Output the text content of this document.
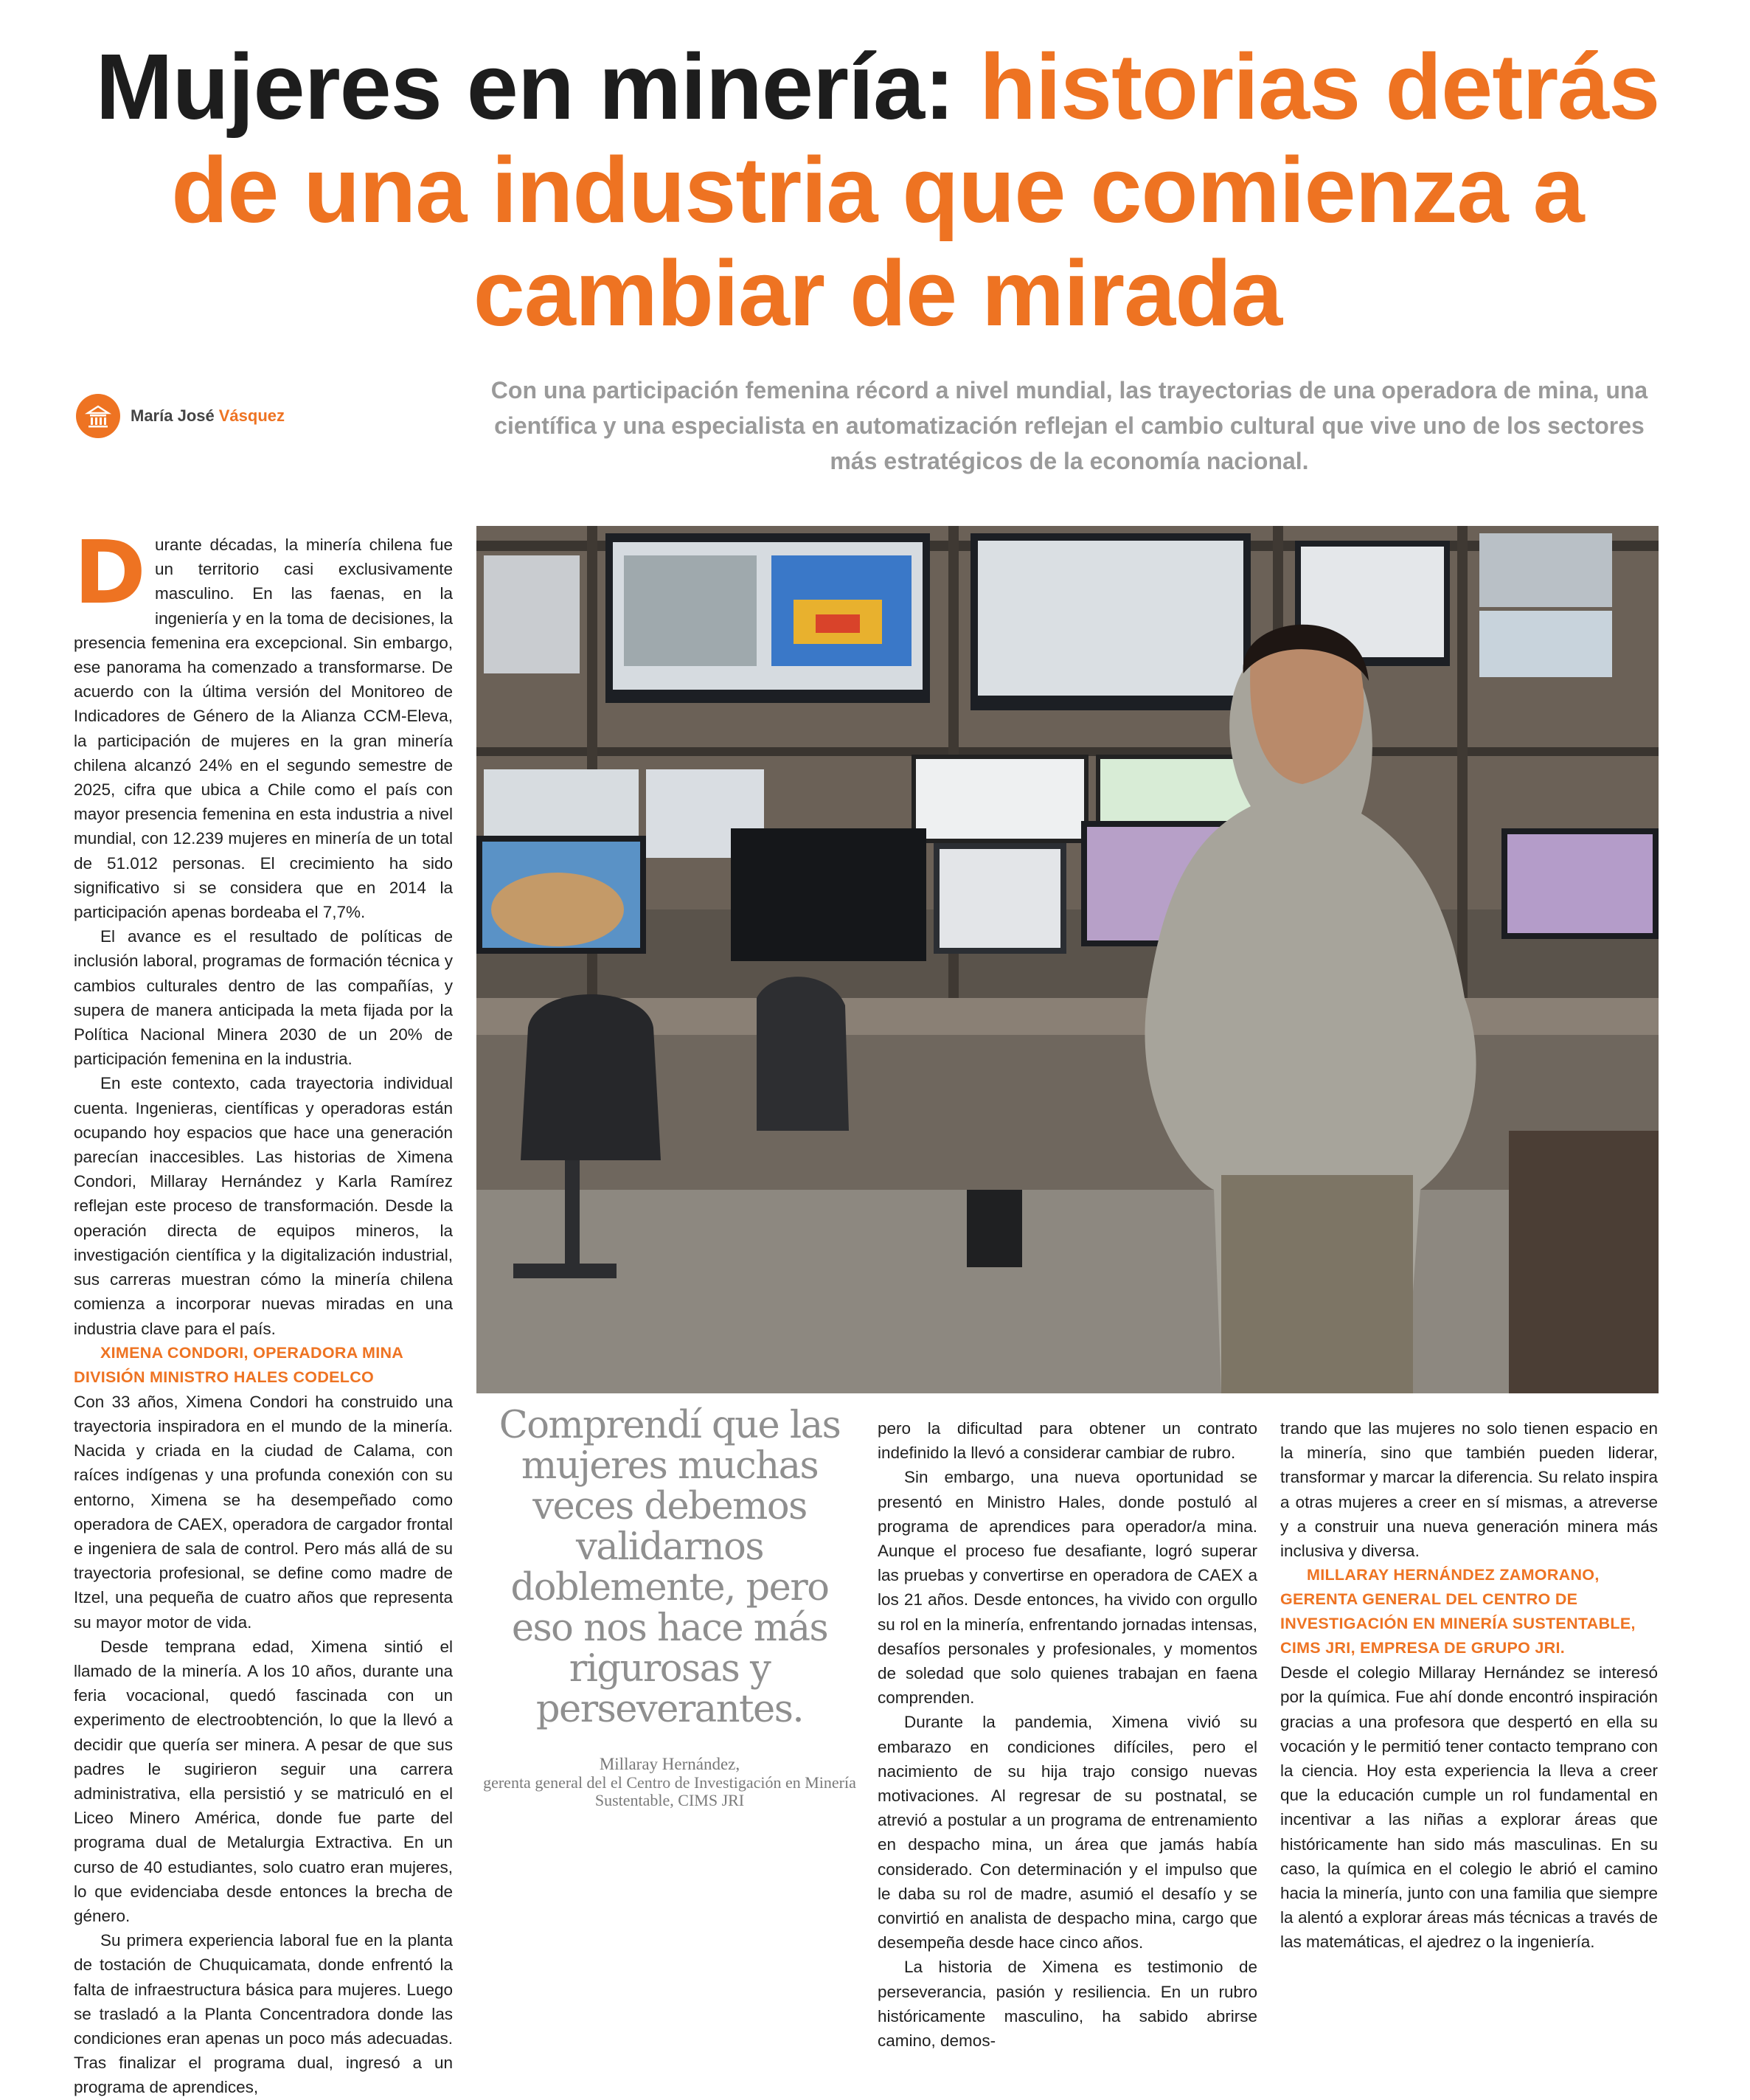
Mujeres en minería: historias detrás de una industria que comienza a cambiar de mirada
María José Vásquez

Con una participación femenina récord a nivel mundial, las trayectorias de una operadora de mina, una científica y una especialista en automatización reflejan el cambio cultural que vive uno de los sectores más estratégicos de la economía nacional.

Durante décadas, la minería chilena fue un territorio casi exclusivamente masculino. En las faenas, en la ingeniería y en la toma de decisiones, la presencia femenina era excepcional. Sin embargo, ese panorama ha comenzado a transformarse. De acuerdo con la última versión del Monitoreo de Indicadores de Género de la Alianza CCM-Eleva, la participación de mujeres en la gran minería chilena alcanzó 24% en el segundo semestre de 2025, cifra que ubica a Chile como el país con mayor presencia femenina en esta industria a nivel mundial, con 12.239 mujeres en minería de un total de 51.012 personas. El crecimiento ha sido significativo si se considera que en 2014 la participación apenas bordeaba el 7,7%.

El avance es el resultado de políticas de inclusión laboral, programas de formación técnica y cambios culturales dentro de las compañías, y supera de manera anticipada la meta fijada por la Política Nacional Minera 2030 de un 20% de participación femenina en la industria.

En este contexto, cada trayectoria individual cuenta. Ingenieras, científicas y operadoras están ocupando hoy espacios que hace una generación parecían inaccesibles. Las historias de Ximena Condori, Millaray Hernández y Karla Ramírez reflejan este proceso de transformación. Desde la operación directa de equipos mineros, la investigación científica y la digitalización industrial, sus carreras muestran cómo la minería chilena comienza a incorporar nuevas miradas en una industria clave para el país.

XIMENA CONDORI, OPERADORA MINA DIVISIÓN MINISTRO HALES CODELCO

Con 33 años, Ximena Condori ha construido una trayectoria inspiradora en el mundo de la minería. Nacida y criada en la ciudad de Calama, con raíces indígenas y una profunda conexión con su entorno, Ximena se ha desempeñado como operadora de CAEX, operadora de cargador frontal e ingeniera de sala de control. Pero más allá de su trayectoria profesional, se define como madre de Itzel, una pequeña de cuatro años que representa su mayor motor de vida.

Desde temprana edad, Ximena sintió el llamado de la minería. A los 10 años, durante una feria vocacional, quedó fascinada con un experimento de electroobtención, lo que la llevó a decidir que quería ser minera. A pesar de que sus padres le sugirieron seguir una carrera administrativa, ella persistió y se matriculó en el Liceo Minero América, donde fue parte del programa dual de Metalurgia Extractiva. En un curso de 40 estudiantes, solo cuatro eran mujeres, lo que evidenciaba desde entonces la brecha de género.

Su primera experiencia laboral fue en la planta de tostación de Chuquicamata, donde enfrentó la falta de infraestructura básica para mujeres. Luego se trasladó a la Planta Concentradora donde las condiciones eran apenas un poco más adecuadas. Tras finalizar el programa dual, ingresó a un programa de aprendices,

Comprendí que las mujeres muchas veces debemos validarnos doblemente, pero eso nos hace más rigurosas y perseverantes.

Millaray Hernández,

gerenta general del el Centro de Investigación en Minería Sustentable, CIMS JRI

pero la dificultad para obtener un contrato indefinido la llevó a considerar cambiar de rubro.

Sin embargo, una nueva oportunidad se presentó en Ministro Hales, donde postuló al programa de aprendices para operador/a mina. Aunque el proceso fue desafiante, logró superar las pruebas y convertirse en operadora de CAEX a los 21 años. Desde entonces, ha vivido con orgullo su rol en la minería, enfrentando jornadas intensas, desafíos personales y profesionales, y momentos de soledad que solo quienes trabajan en faena comprenden.

Durante la pandemia, Ximena vivió su embarazo en condiciones difíciles, pero el nacimiento de su hija trajo consigo nuevas motivaciones. Al regresar de su postnatal, se atrevió a postular a un programa de entrenamiento en despacho mina, un área que jamás había considerado. Con determinación y el impulso que le daba su rol de madre, asumió el desafío y se convirtió en analista de despacho mina, cargo que desempeña desde hace cinco años.

La historia de Ximena es testimonio de perseverancia, pasión y resiliencia. En un rubro históricamente masculino, ha sabido abrirse camino, demos-

trando que las mujeres no solo tienen espacio en la minería, sino que también pueden liderar, transformar y marcar la diferencia. Su relato inspira a otras mujeres a creer en sí mismas, a atreverse y a construir una nueva generación minera más inclusiva y diversa.

MILLARAY HERNÁNDEZ ZAMORANO, GERENTA GENERAL DEL CENTRO DE INVESTIGACIÓN EN MINERÍA SUSTENTABLE, CIMS JRI, EMPRESA DE GRUPO JRI.

Desde el colegio Millaray Hernández se interesó por la química. Fue ahí donde encontró inspiración gracias a una profesora que despertó en ella su vocación y le permitió tener contacto temprano con la ciencia. Hoy esta experiencia la lleva a creer que la educación cumple un rol fundamental en incentivar a las niñas a explorar áreas que históricamente han sido más masculinas. En su caso, la química en el colegio le abrió el camino hacia la minería, junto con una familia que siempre la alentó a explorar áreas más técnicas a través de las matemáticas, el ajedrez o la ingeniería.
